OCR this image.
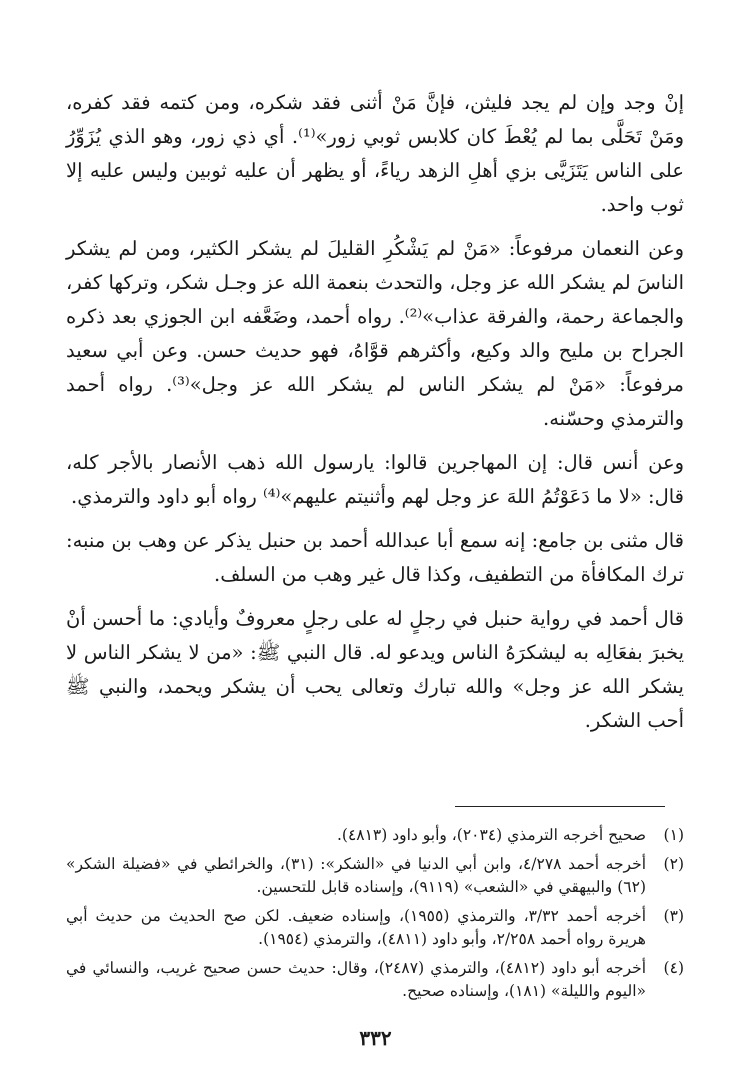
إنْ وجد وإن لم يجد فليثن، فإنَّ مَنْ أثنى فقد شكره، ومن كتمه فقد كفره، ومَنْ تَحَلَّى بما لم يُعْطَ كان كلابس ثوبي زور»⁽¹⁾. أي ذي زور، وهو الذي يُزَوِّرُ على الناس يَتَزَيَّى بزي أهلِ الزهد رياءً، أو يظهر أن عليه ثوبين وليس عليه إلا ثوب واحد.

وعن النعمان مرفوعاً: «مَنْ لم يَشْكُرِ القليلَ لم يشكر الكثير، ومن لم يشكر الناسَ لم يشكر الله عز وجل، والتحدث بنعمة الله عز وجـل شكر، وتركها كفر، والجماعة رحمة، والفرقة عذاب»⁽²⁾. رواه أحمد، وضَعَّفه ابن الجوزي بعد ذكره الجراح بن مليح والد وكيع، وأكثرهم قوَّاهُ، فهو حديث حسن. وعن أبي سعيد مرفوعاً: «مَنْ لم يشكر الناس لم يشكر الله عز وجل»⁽³⁾. رواه أحمد والترمذي وحسّنه.

وعن أنس قال: إن المهاجرين قالوا: يارسول الله ذهب الأنصار بالأجر كله، قال: «لا ما دَعَوْتُمُ اللهَ عز وجل لهم وأثنيتم عليهم»⁽⁴⁾ رواه أبو داود والترمذي.

قال مثنى بن جامع: إنه سمع أبا عبدالله أحمد بن حنبل يذكر عن وهب بن منبه: ترك المكافأة من التطفيف، وكذا قال غير وهب من السلف.

قال أحمد في رواية حنبل في رجلٍ له على رجلٍ معروفٌ وأيادي: ما أحسن أنْ يخبرَ بفعَالِه به ليشكرَهُ الناس ويدعو له. قال النبي ﷺ: «من لا يشكر الناس لا يشكر الله عز وجل» والله تبارك وتعالى يحب أن يشكر ويحمد، والنبي ﷺ أحب الشكر.

(١)
صحيح أخرجه الترمذي (٢٠٣٤)، وأبو داود (٤٨١٣).
(٢)
أخرجه أحمد ٤/٢٧٨، وابن أبي الدنيا في «الشكر»: (٣١)، والخرائطي في «فضيلة الشكر» (٦٢) والبيهقي في «الشعب» (٩١١٩)، وإسناده قابل للتحسين.
(٣)
أخرجه أحمد ٣/٣٢، والترمذي (١٩٥٥)، وإسناده ضعيف. لكن صح الحديث من حديث أبي هريرة رواه أحمد ٢/٢٥٨، وأبو داود (٤٨١١)، والترمذي (١٩٥٤).
(٤)
أخرجه أبو داود (٤٨١٢)، والترمذي (٢٤٨٧)، وقال: حديث حسن صحيح غريب، والنسائي في «اليوم والليلة» (١٨١)، وإسناده صحيح.
٣٣٢
